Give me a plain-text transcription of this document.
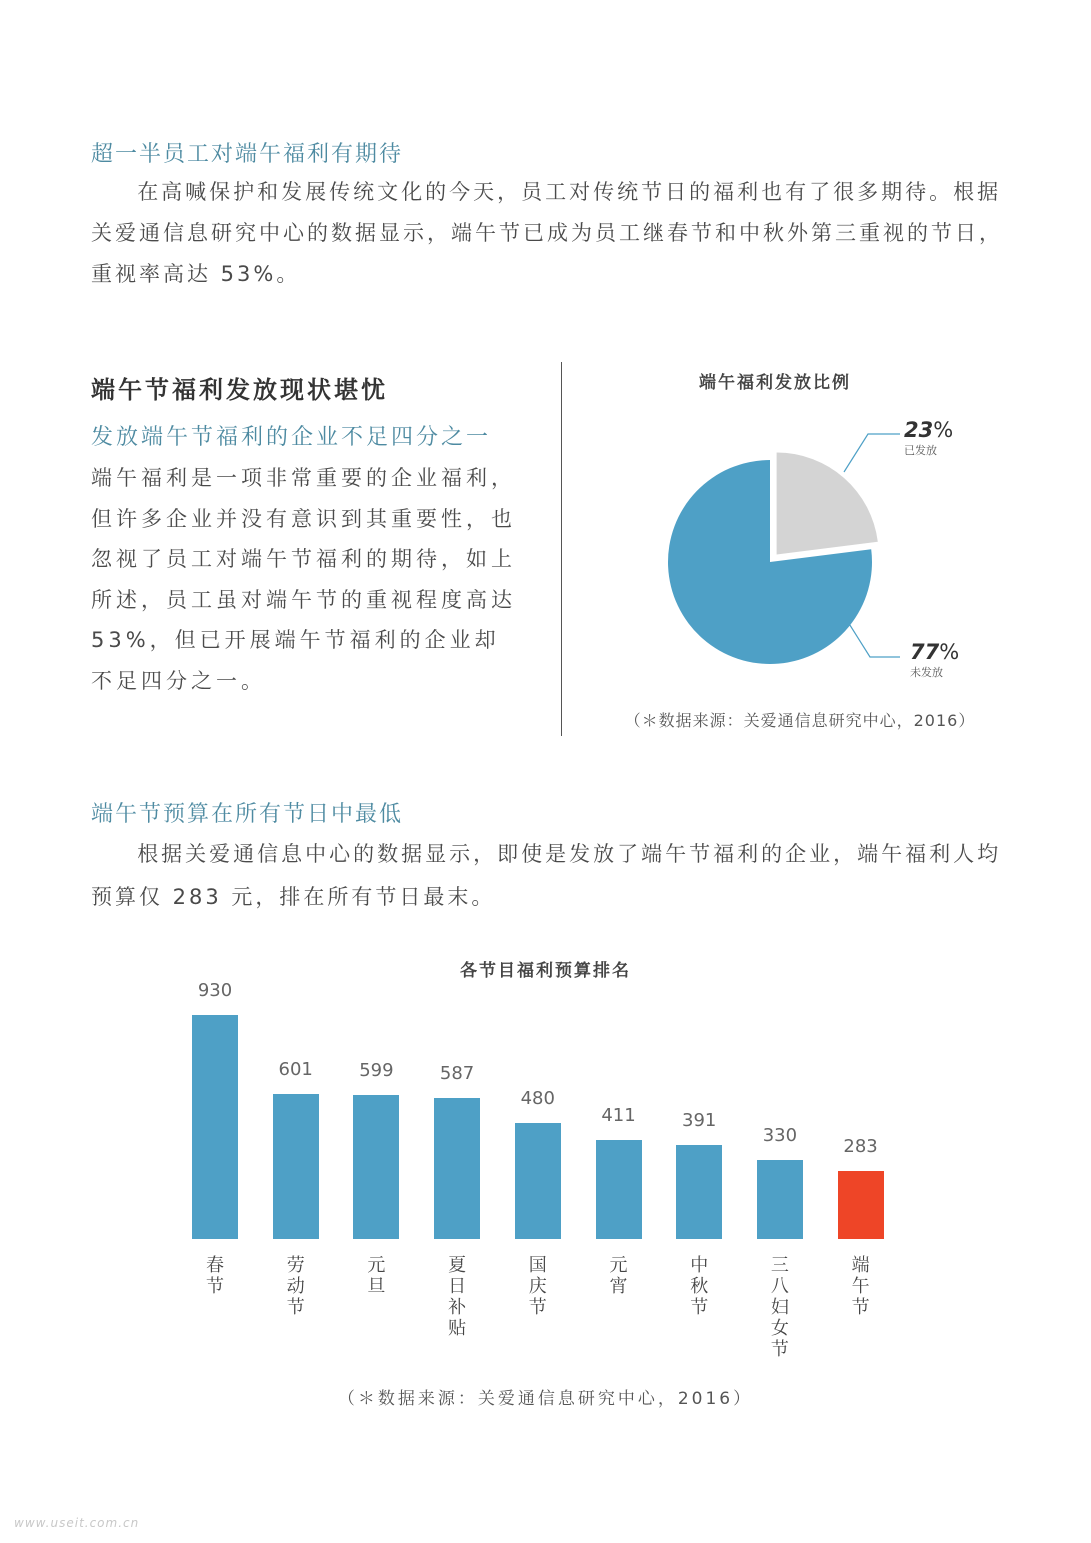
超一半员工对端午福利有期待
在高喊保护和发展传统文化的今天，员工对传统节日的福利也有了很多期待。根据关爱通信息研究中心的数据显示，端午节已成为员工继春节和中秋外第三重视的节日，重视率高达 53%。
端午节福利发放现状堪忧
发放端午节福利的企业不足四分之一
端午福利是一项非常重要的企业福利，但许多企业并没有意识到其重要性，也忽视了员工对端午节福利的期待，如上所述，员工虽对端午节的重视程度高达 53%，但已开展端午节福利的企业却不足四分之一。
端午福利发放比例
23%
已发放
77%
未发放
（＊数据来源：关爱通信息研究中心，2016）
端午节预算在所有节日中最低
根据关爱通信息中心的数据显示，即使是发放了端午节福利的企业，端午福利人均预算仅 283 元，排在所有节日最末。
各节目福利预算排名
930
春
节
601
劳
动
节
599
元
旦
587
夏
日
补
贴
480
国
庆
节
411
元
宵
391
中
秋
节
330
三
八
妇
女
节
283
端
午
节
（＊数据来源：关爱通信息研究中心，2016）
www.useit.com.cn
